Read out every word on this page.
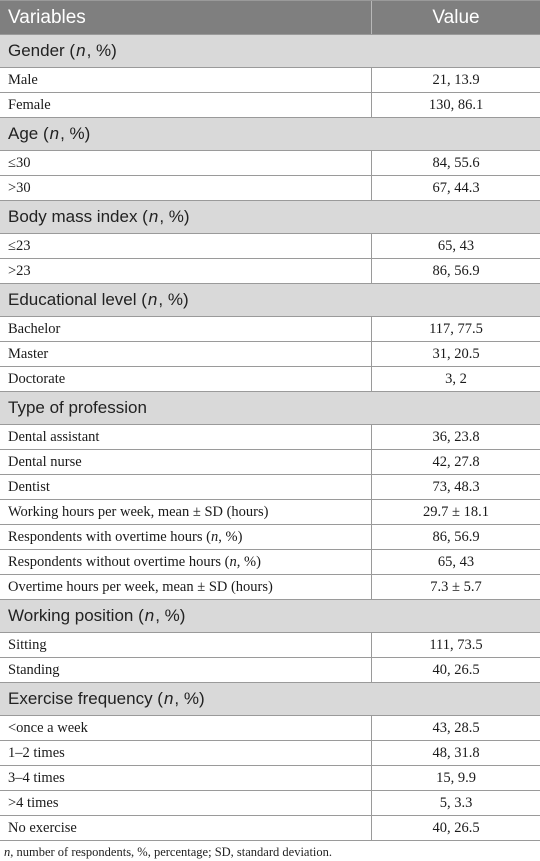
Variables	Value
Gender ( n , %)
Male	21, 13.9
Female	130, 86.1
Age ( n , %)
≤30	84, 55.6
>30	67, 44.3
Body mass index ( n , %)
≤23	65, 43
>23	86, 56.9
Educational level ( n , %)
Bachelor	117, 77.5
Master	31, 20.5
Doctorate	3, 2
Type of profession
Dental assistant	36, 23.8
Dental nurse	42, 27.8
Dentist	73, 48.3
Working hours per week, mean ± SD (hours)	29.7 ± 18.1
Respondents with overtime hours ( n , %)	86, 56.9
Respondents without overtime hours ( n , %)	65, 43
Overtime hours per week, mean ± SD (hours)	7.3 ± 5.7
Working position ( n , %)
Sitting	111, 73.5
Standing	40, 26.5
Exercise frequency ( n , %)
<once a week	43, 28.5
1–2 times	48, 31.8
3–4 times	15, 9.9
>4 times	5, 3.3
No exercise	40, 26.5
n, number of respondents, %, percentage; SD, standard deviation.
